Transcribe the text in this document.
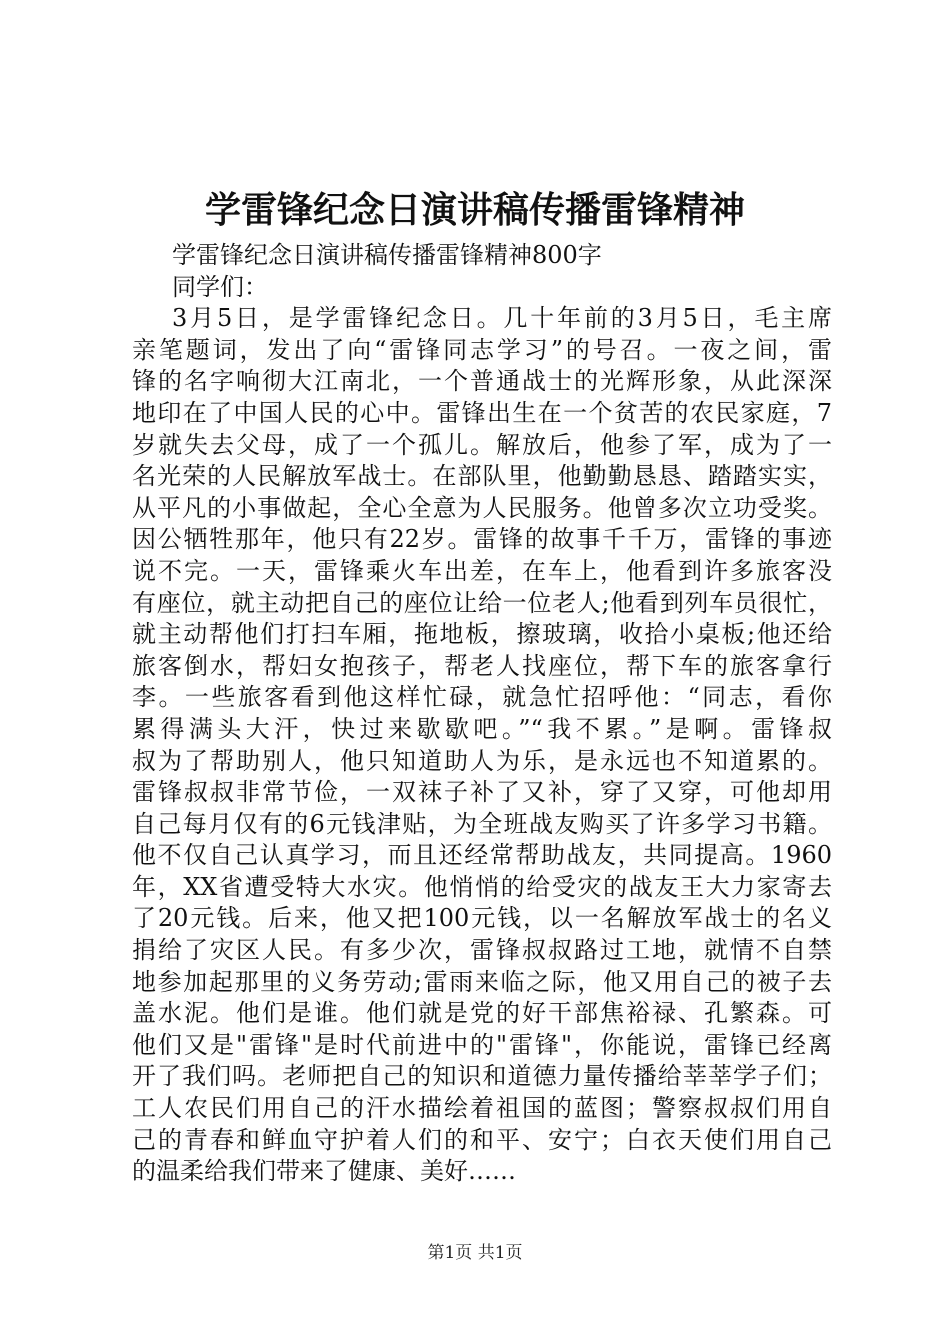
学雷锋纪念日演讲稿传播雷锋精神
学雷锋纪念日演讲稿传播雷锋精神800字
同学们：
3月5日，是学雷锋纪念日。几十年前的3月5日，毛主席
亲笔题词，发出了向“雷锋同志学习”的号召。一夜之间，雷
锋的名字响彻大江南北，一个普通战士的光辉形象，从此深深
地印在了中国人民的心中。雷锋出生在一个贫苦的农民家庭，7
岁就失去父母，成了一个孤儿。解放后，他参了军，成为了一
名光荣的人民解放军战士。在部队里，他勤勤恳恳、踏踏实实，
从平凡的小事做起，全心全意为人民服务。他曾多次立功受奖。
因公牺牲那年，他只有22岁。雷锋的故事千千万，雷锋的事迹
说不完。一天，雷锋乘火车出差，在车上，他看到许多旅客没
有座位，就主动把自己的座位让给一位老人;他看到列车员很忙，
就主动帮他们打扫车厢，拖地板，擦玻璃，收拾小桌板;他还给
旅客倒水，帮妇女抱孩子，帮老人找座位，帮下车的旅客拿行
李。一些旅客看到他这样忙碌，就急忙招呼他：“同志，看你
累得满头大汗，快过来歇歇吧。”“我不累。”是啊。雷锋叔
叔为了帮助别人，他只知道助人为乐，是永远也不知道累的。
雷锋叔叔非常节俭，一双袜子补了又补，穿了又穿，可他却用
自己每月仅有的6元钱津贴，为全班战友购买了许多学习书籍。
他不仅自己认真学习，而且还经常帮助战友，共同提高。1960
年，XX省遭受特大水灾。他悄悄的给受灾的战友王大力家寄去
了20元钱。后来，他又把100元钱，以一名解放军战士的名义
捐给了灾区人民。有多少次，雷锋叔叔路过工地，就情不自禁
地参加起那里的义务劳动;雷雨来临之际，他又用自己的被子去
盖水泥。他们是谁。他们就是党的好干部焦裕禄、孔繁森。可
他们又是"雷锋"是时代前进中的"雷锋"，你能说，雷锋已经离
开了我们吗。老师把自己的知识和道德力量传播给莘莘学子们；
工人农民们用自己的汗水描绘着祖国的蓝图；警察叔叔们用自
己的青春和鲜血守护着人们的和平、安宁；白衣天使们用自己
的温柔给我们带来了健康、美好……
第1页 共1页
